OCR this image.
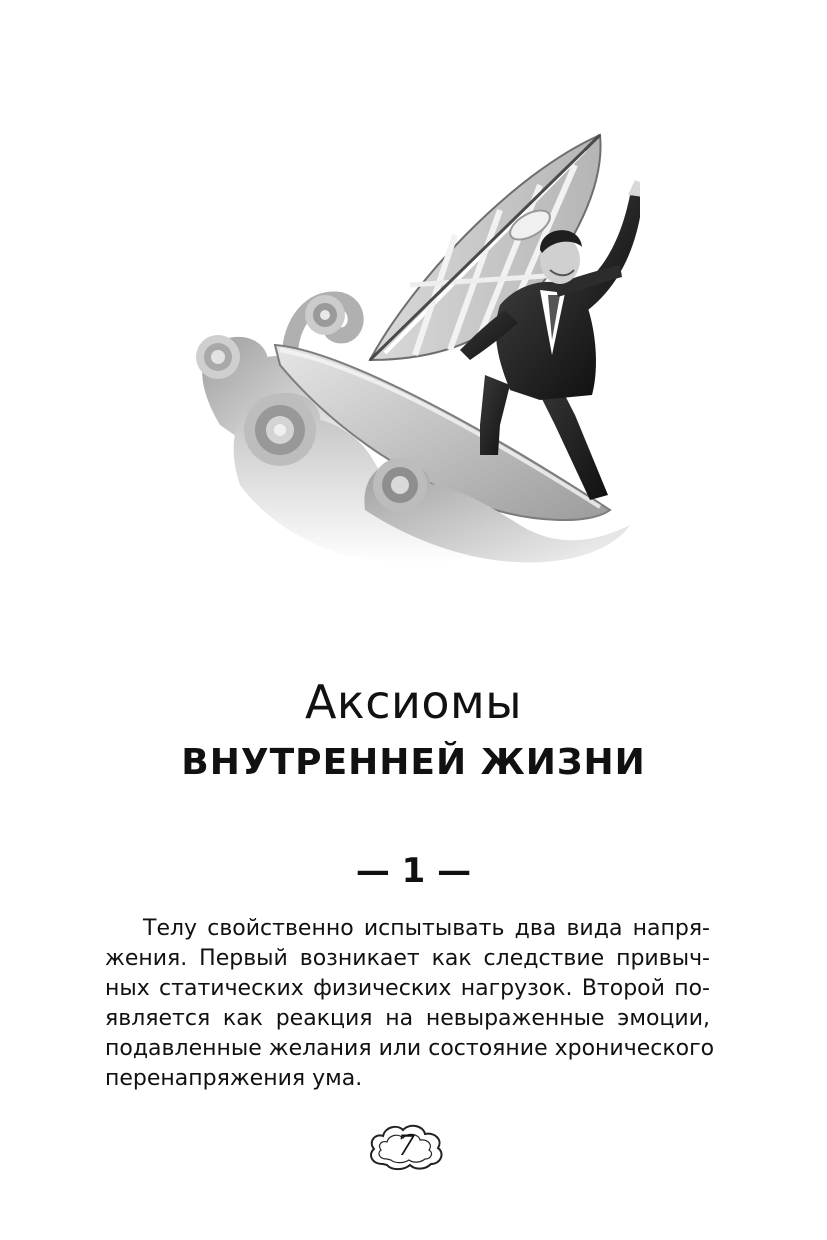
Аксиомы
ВНУТРЕННЕЙ ЖИЗНИ
— 1 —

Телу свойственно испытывать два вида напря-
жения. Первый возникает как следствие привыч-
ных статических физических нагрузок. Второй по-
является как реакция на невыраженные эмоции,
подавленные желания или состояние хронического
перенапряжения ума.

7
